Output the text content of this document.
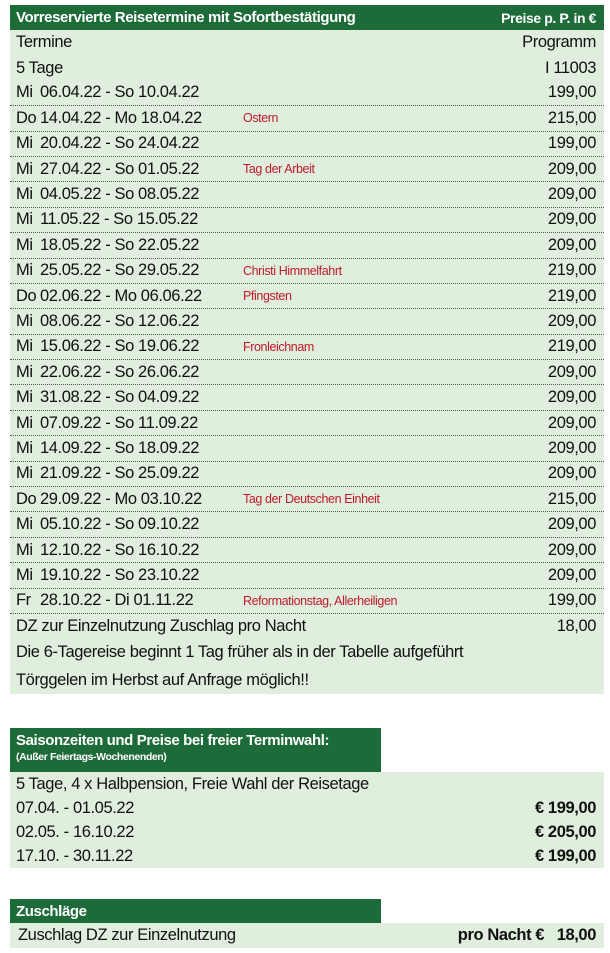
Vorreservierte Reisetermine mit Sofortbestätigung	Preise p. P. in €
Termine	Programm
5 Tage	I 11003
Mi 06.04.22 - So 10.04.22	199,00
Do 14.04.22 - Mo 18.04.22	Ostern	215,00
Mi 20.04.22 - So 24.04.22	199,00
Mi 27.04.22 - So 01.05.22	Tag der Arbeit	209,00
Mi 04.05.22 - So 08.05.22	209,00
Mi 11.05.22 - So 15.05.22	209,00
Mi 18.05.22 - So 22.05.22	209,00
Mi 25.05.22 - So 29.05.22	Christi Himmelfahrt	219,00
Do 02.06.22 - Mo 06.06.22	Pfingsten	219,00
Mi 08.06.22 - So 12.06.22	209,00
Mi 15.06.22 - So 19.06.22	Fronleichnam	219,00
Mi 22.06.22 - So 26.06.22	209,00
Mi 31.08.22 - So 04.09.22	209,00
Mi 07.09.22 - So 11.09.22	209,00
Mi 14.09.22 - So 18.09.22	209,00
Mi 21.09.22 - So 25.09.22	209,00
Do 29.09.22 - Mo 03.10.22	Tag der Deutschen Einheit	215,00
Mi 05.10.22 - So 09.10.22	209,00
Mi 12.10.22 - So 16.10.22	209,00
Mi 19.10.22 - So 23.10.22	209,00
Fr 28.10.22 - Di 01.11.22	Reformationstag, Allerheiligen	199,00
DZ zur Einzelnutzung Zuschlag pro Nacht	18,00
Die 6-Tagereise beginnt 1 Tag früher als in der Tabelle aufgeführt
Törggelen im Herbst auf Anfrage möglich!!
Saisonzeiten und Preise bei freier Terminwahl:
(Außer Feiertags-Wochenenden)
5 Tage, 4 x Halbpension, Freie Wahl der Reisetage
07.04. - 01.05.22	€ 199,00
02.05. - 16.10.22	€ 205,00
17.10. - 30.11.22	€ 199,00
Zuschläge
Zuschlag DZ zur Einzelnutzung	pro Nacht €   18,00
